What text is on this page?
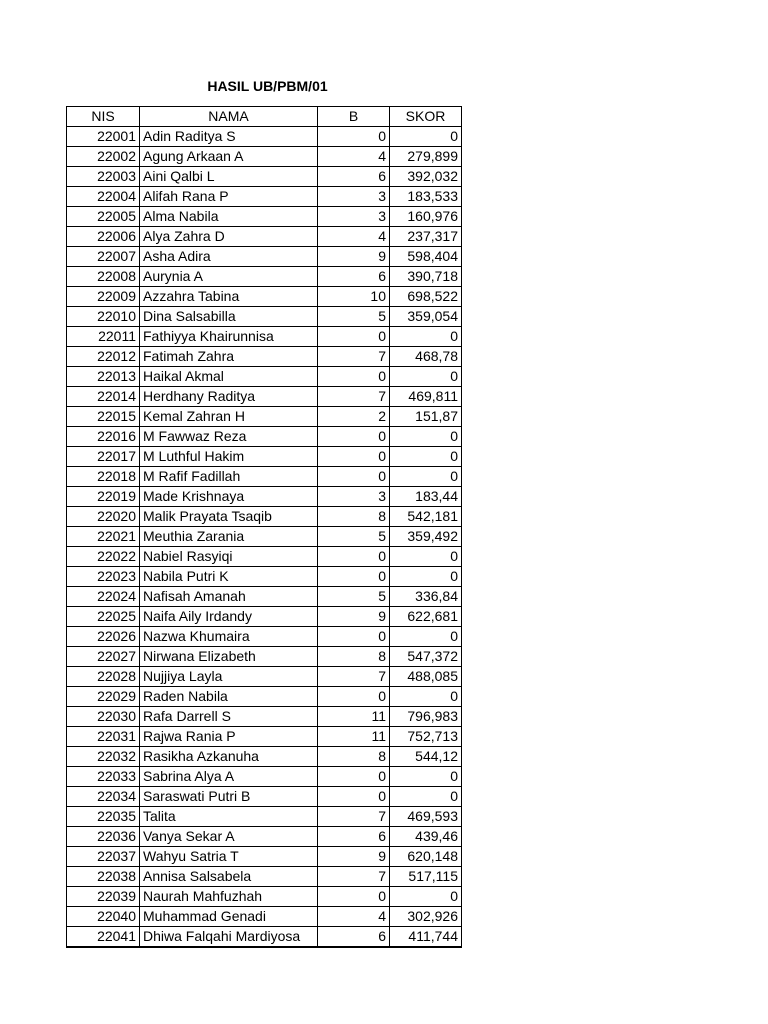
HASIL UB/PBM/01
NIS	NAMA	B	SKOR
22001	Adin Raditya S	0	0
22002	Agung Arkaan A	4	279,899
22003	Aini Qalbi L	6	392,032
22004	Alifah Rana P	3	183,533
22005	Alma Nabila	3	160,976
22006	Alya Zahra D	4	237,317
22007	Asha Adira	9	598,404
22008	Aurynia A	6	390,718
22009	Azzahra Tabina	10	698,522
22010	Dina Salsabilla	5	359,054
22011	Fathiyya Khairunnisa	0	0
22012	Fatimah Zahra	7	468,78
22013	Haikal Akmal	0	0
22014	Herdhany Raditya	7	469,811
22015	Kemal Zahran H	2	151,87
22016	M Fawwaz Reza	0	0
22017	M Luthful Hakim	0	0
22018	M Rafif Fadillah	0	0
22019	Made Krishnaya	3	183,44
22020	Malik Prayata Tsaqib	8	542,181
22021	Meuthia Zarania	5	359,492
22022	Nabiel Rasyiqi	0	0
22023	Nabila Putri K	0	0
22024	Nafisah Amanah	5	336,84
22025	Naifa Aily Irdandy	9	622,681
22026	Nazwa Khumaira	0	0
22027	Nirwana Elizabeth	8	547,372
22028	Nujjiya Layla	7	488,085
22029	Raden Nabila	0	0
22030	Rafa Darrell S	11	796,983
22031	Rajwa Rania P	11	752,713
22032	Rasikha Azkanuha	8	544,12
22033	Sabrina Alya A	0	0
22034	Saraswati Putri B	0	0
22035	Talita	7	469,593
22036	Vanya Sekar A	6	439,46
22037	Wahyu Satria T	9	620,148
22038	Annisa Salsabela	7	517,115
22039	Naurah Mahfuzhah	0	0
22040	Muhammad Genadi	4	302,926
22041	Dhiwa Falqahi Mardiyosa	6	411,744
